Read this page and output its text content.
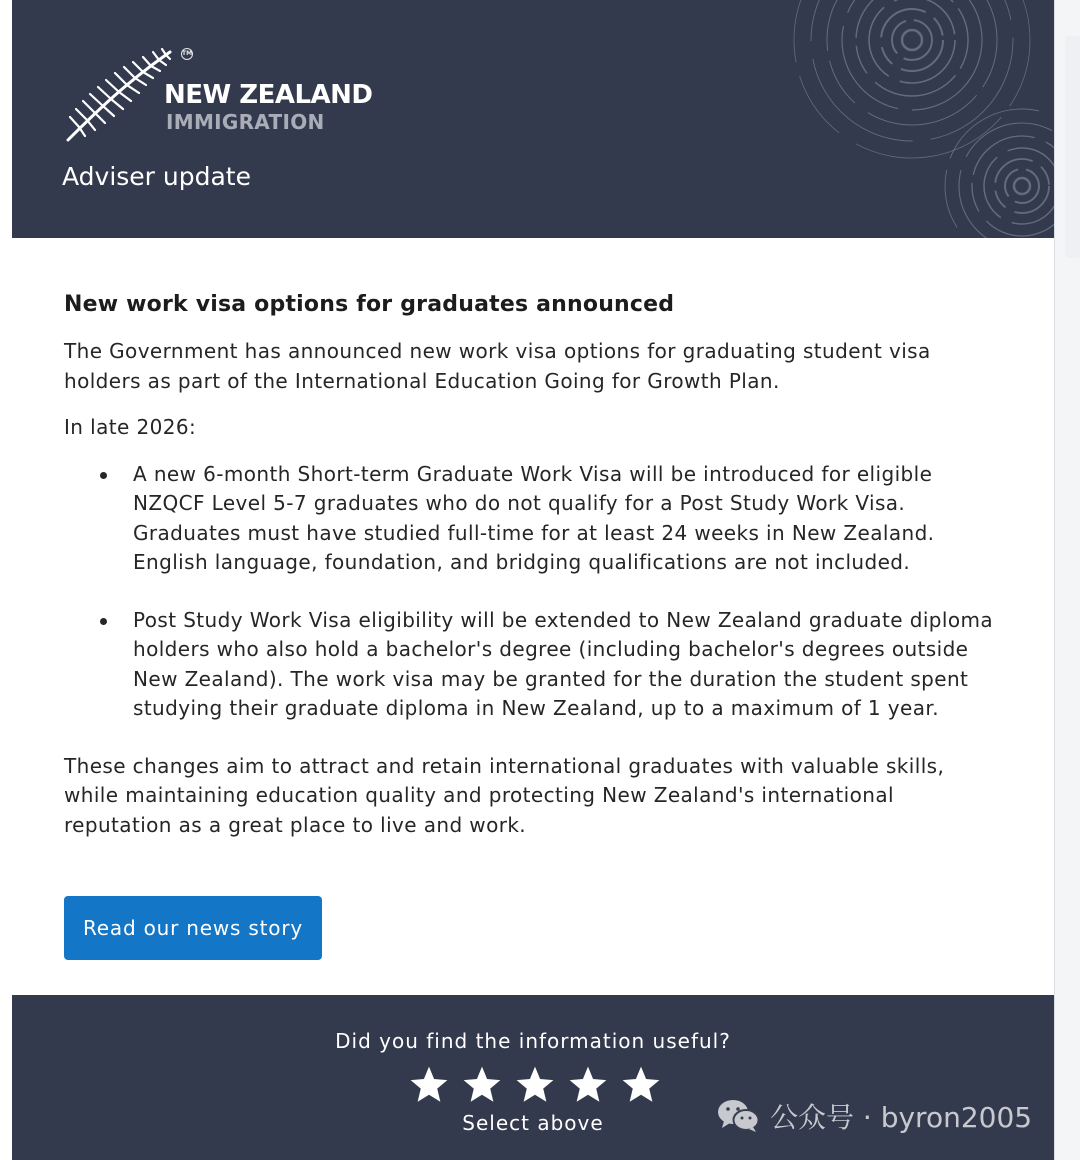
TM
NEW ZEALAND
IMMIGRATION
Adviser update
New work visa options for graduates announced

The Government has announced new work visa options for graduating student visa holders as part of the International Education Going for Growth Plan.

In late 2026:

A new 6-month Short-term Graduate Work Visa will be introduced for eligible NZQCF Level 5-7 graduates who do not qualify for a Post Study Work Visa. Graduates must have studied full-time for at least 24 weeks in New Zealand. English language, foundation, and bridging qualifications are not included.
Post Study Work Visa eligibility will be extended to New Zealand graduate diploma holders who also hold a bachelor's degree (including bachelor's degrees outside New Zealand). The work visa may be granted for the duration the student spent studying their graduate diploma in New Zealand, up to a maximum of 1 year.

These changes aim to attract and retain international graduates with valuable skills, while maintaining education quality and protecting New Zealand's international reputation as a great place to live and work.

Read our news story
Did you find the information useful?
Select above	公众号 · byron2005
